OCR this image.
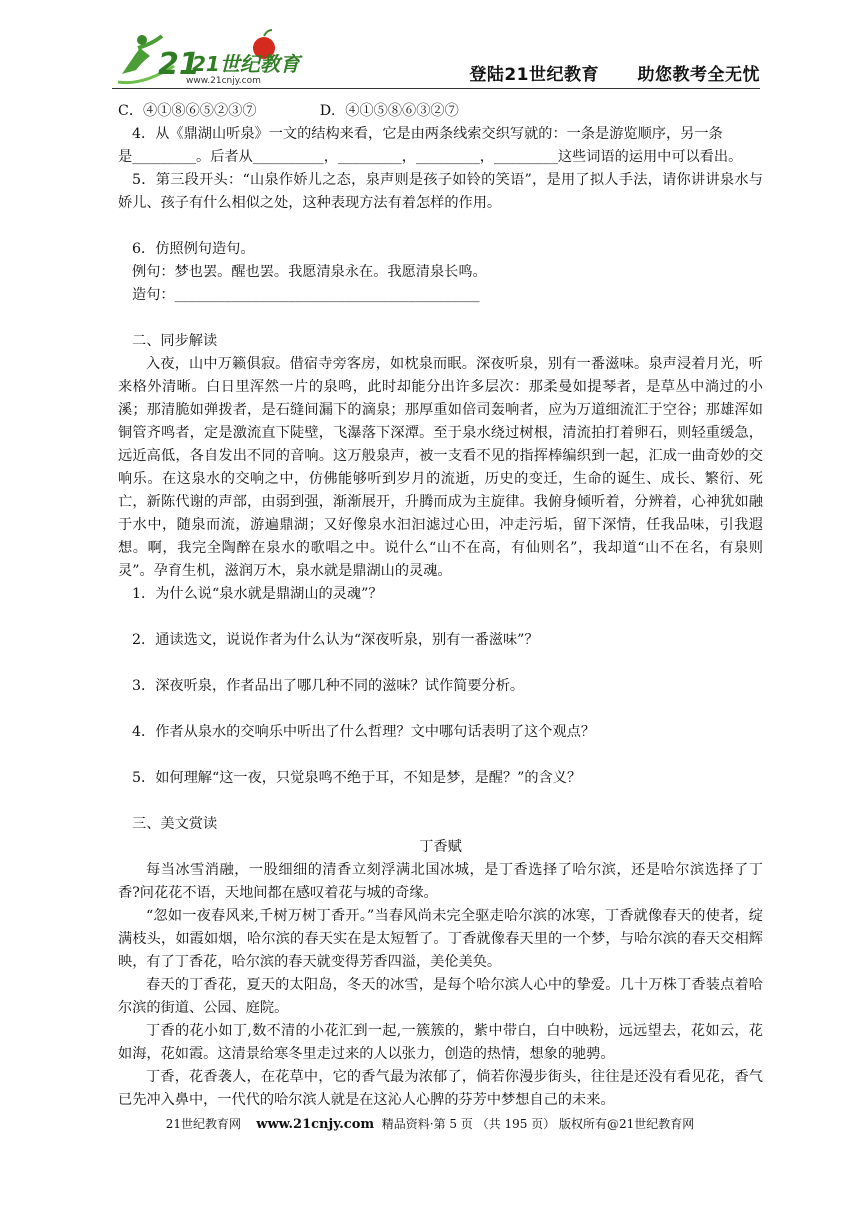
21
21世纪教育
www.21cnjy.com	登陆21世纪教育      助您教考全无忧
C．④①⑧⑥⑤②③⑦	D．④①⑤⑧⑥③②⑦
4．从《鼎湖山听泉》一文的结构来看，它是由两条线索交织写就的：一条是游览顺序，另一条
是_________。后者从__________，_________，_________，_________这些词语的运用中可以看出。
5．第三段开头：“山泉作娇儿之态，泉声则是孩子如铃的笑语”，是用了拟人手法，请你讲讲泉水与娇儿、孩子有什么相似之处，这种表现方法有着怎样的作用。
6．仿照例句造句。
例句：梦也罢。醒也罢。我愿清泉永在。我愿清泉长鸣。
造句：___________________________________________
二、同步解读
入夜，山中万籁俱寂。借宿寺旁客房，如枕泉而眠。深夜听泉，别有一番滋味。泉声浸着月光，听来格外清晰。白日里浑然一片的泉鸣，此时却能分出许多层次：那柔曼如提琴者，是草丛中淌过的小溪；那清脆如弹拨者，是石缝间漏下的滴泉；那厚重如倍司轰响者，应为万道细流汇于空谷；那雄浑如铜管齐鸣者，定是激流直下陡壁，飞瀑落下深潭。至于泉水绕过树根，清流拍打着卵石，则轻重缓急，远近高低，各自发出不同的音响。这万般泉声，被一支看不见的指挥棒编织到一起，汇成一曲奇妙的交响乐。在这泉水的交响之中，仿佛能够听到岁月的流逝，历史的变迁，生命的诞生、成长、繁衍、死亡，新陈代谢的声部，由弱到强，渐渐展开，升腾而成为主旋律。我俯身倾听着，分辨着，心神犹如融于水中，随泉而流，游遍鼎湖；又好像泉水汩汩滤过心田，冲走污垢，留下深情，任我品味，引我遐想。啊，我完全陶醉在泉水的歌唱之中。说什么“山不在高，有仙则名”，我却道“山不在名，有泉则灵”。孕育生机，滋润万木，泉水就是鼎湖山的灵魂。
1．为什么说“泉水就是鼎湖山的灵魂”？
2．通读选文，说说作者为什么认为“深夜听泉，别有一番滋味”？
3．深夜听泉，作者品出了哪几种不同的滋味？试作简要分析。
4．作者从泉水的交响乐中听出了什么哲理？文中哪句话表明了这个观点？
5．如何理解“这一夜，只觉泉鸣不绝于耳，不知是梦，是醒？”的含义？
三、美文赏读
丁香赋
每当冰雪消融，一股细细的清香立刻浮满北国冰城，是丁香选择了哈尔滨，还是哈尔滨选择了丁香?问花花不语，天地间都在感叹着花与城的奇缘。
“忽如一夜春风来,千树万树丁香开。”当春风尚未完全驱走哈尔滨的冰寒，丁香就像春天的使者，绽满枝头，如霞如烟，哈尔滨的春天实在是太短暂了。丁香就像春天里的一个梦，与哈尔滨的春天交相辉映，有了丁香花，哈尔滨的春天就变得芳香四溢，美伦美奂。
春天的丁香花，夏天的太阳岛，冬天的冰雪，是每个哈尔滨人心中的挚爱。几十万株丁香装点着哈尔滨的街道、公园、庭院。
丁香的花小如丁,数不清的小花汇到一起,一簇簇的，紫中带白，白中映粉，远远望去，花如云，花如海，花如霞。这清景给寒冬里走过来的人以张力，创造的热情，想象的驰骋。
丁香，花香袭人，在花草中，它的香气最为浓郁了，倘若你漫步街头，往往是还没有看见花，香气已先冲入鼻中，一代代的哈尔滨人就是在这沁人心脾的芬芳中梦想自己的未来。
21世纪教育网 www.21cnjy.com 精品资料·第 5 页 （共 195 页） 版权所有@21世纪教育网
